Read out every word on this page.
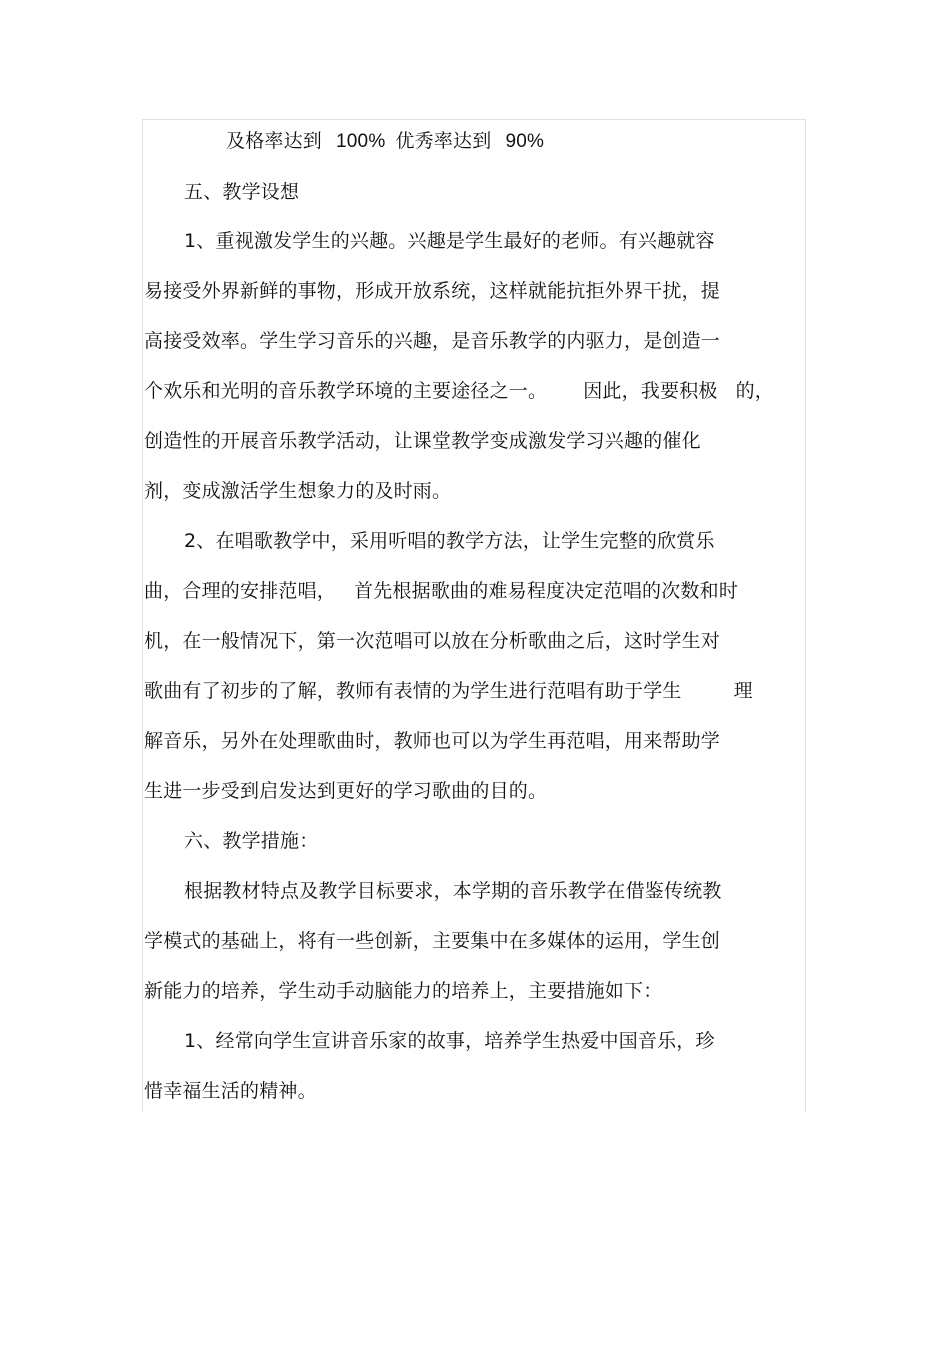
及格率达到 100% 优秀率达到 90%
五、教学设想
1、重视激发学生的兴趣。兴趣是学生最好的老师。有兴趣就容
易接受外界新鲜的事物，形成开放系统，这样就能抗拒外界干扰，提
高接受效率。学生学习音乐的兴趣，是音乐教学的内驱力，是创造一
个欢乐和光明的音乐教学环境的主要途径之一。 因此，我要积极 的，
创造性的开展音乐教学活动，让课堂教学变成激发学习兴趣的催化
剂，变成激活学生想象力的及时雨。
2、在唱歌教学中，采用听唱的教学方法，让学生完整的欣赏乐
曲，合理的安排范唱， 首先根据歌曲的难易程度决定范唱的次数和时
机，在一般情况下，第一次范唱可以放在分析歌曲之后，这时学生对
歌曲有了初步的了解，教师有表情的为学生进行范唱有助于学生	理
解音乐，另外在处理歌曲时，教师也可以为学生再范唱，用来帮助学
生进一步受到启发达到更好的学习歌曲的目的。
六、教学措施：
根据教材特点及教学目标要求，本学期的音乐教学在借鉴传统教
学模式的基础上，将有一些创新，主要集中在多媒体的运用，学生创
新能力的培养，学生动手动脑能力的培养上，主要措施如下：
1、经常向学生宣讲音乐家的故事，培养学生热爱中国音乐，珍
惜幸福生活的精神。
